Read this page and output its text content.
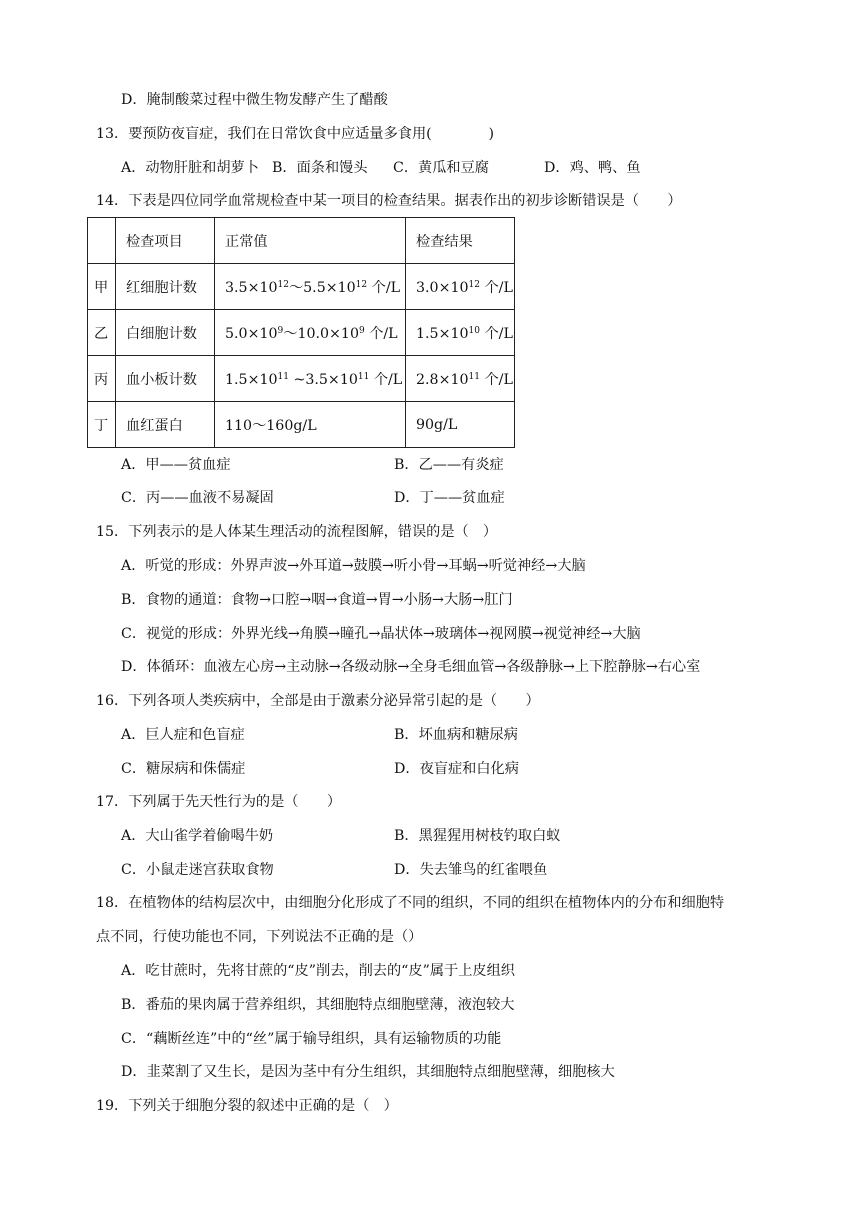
D．腌制酸菜过程中微生物发酵产生了醋酸
13．要预防夜盲症，我们在日常饮食中应适量多食用(　　　　)
A．动物肝脏和胡萝卜 B．面条和馒头 C．黄瓜和豆腐	D．鸡、鸭、鱼
14．下表是四位同学血常规检查中某一项目的检查结果。据表作出的初步诊断错误是（　　）
	检查项目	正常值	检查结果
甲	红细胞计数	$3.5\times 10^{12}\sim 5.5\times 10^{12}$ 个/L	$3.0\times 10^{12}$ 个/L
乙	白细胞计数	$5.0\times 10^9\sim 10.0\times 10^9$ 个/L	$1.5\times 10^{10}$ 个/L
丙	血小板计数	$1.5\times 10^{11}$ $\sim 3.5\times 10^{11}$ 个/L	$2.8\times 10^{11}$ 个/L
丁	血红蛋白	110～160g/L	90g/L
A．甲——贫血症	B．乙——有炎症
C．丙——血液不易凝固	D．丁——贫血症
15．下列表示的是人体某生理活动的流程图解，错误的是（　）
A．听觉的形成：外界声波→外耳道→鼓膜→听小骨→耳蜗→听觉神经→大脑
B．食物的通道：食物→口腔→咽→食道→胃→小肠→大肠→肛门
C．视觉的形成：外界光线→角膜→瞳孔→晶状体→玻璃体→视网膜→视觉神经→大脑
D．体循环：血液左心房→主动脉→各级动脉→全身毛细血管→各级静脉→上下腔静脉→右心室
16．下列各项人类疾病中，全部是由于激素分泌异常引起的是（　　）
A．巨人症和色盲症	B．坏血病和糖尿病
C．糖尿病和侏儒症	D．夜盲症和白化病
17．下列属于先天性行为的是（　　）
A．大山雀学着偷喝牛奶	B．黑猩猩用树枝钓取白蚁
C．小鼠走迷宫获取食物	D．失去雏鸟的红雀喂鱼
18．在植物体的结构层次中，由细胞分化形成了不同的组织，不同的组织在植物体内的分布和细胞特
点不同，行使功能也不同，下列说法不正确的是（）
A．吃甘蔗时，先将甘蔗的“皮”削去，削去的“皮”属于上皮组织
B．番茄的果肉属于营养组织，其细胞特点细胞壁薄，液泡较大
C．“藕断丝连”中的“丝”属于输导组织，具有运输物质的功能
D．韭菜割了又生长，是因为茎中有分生组织，其细胞特点细胞壁薄，细胞核大
19．下列关于细胞分裂的叙述中正确的是（　）
